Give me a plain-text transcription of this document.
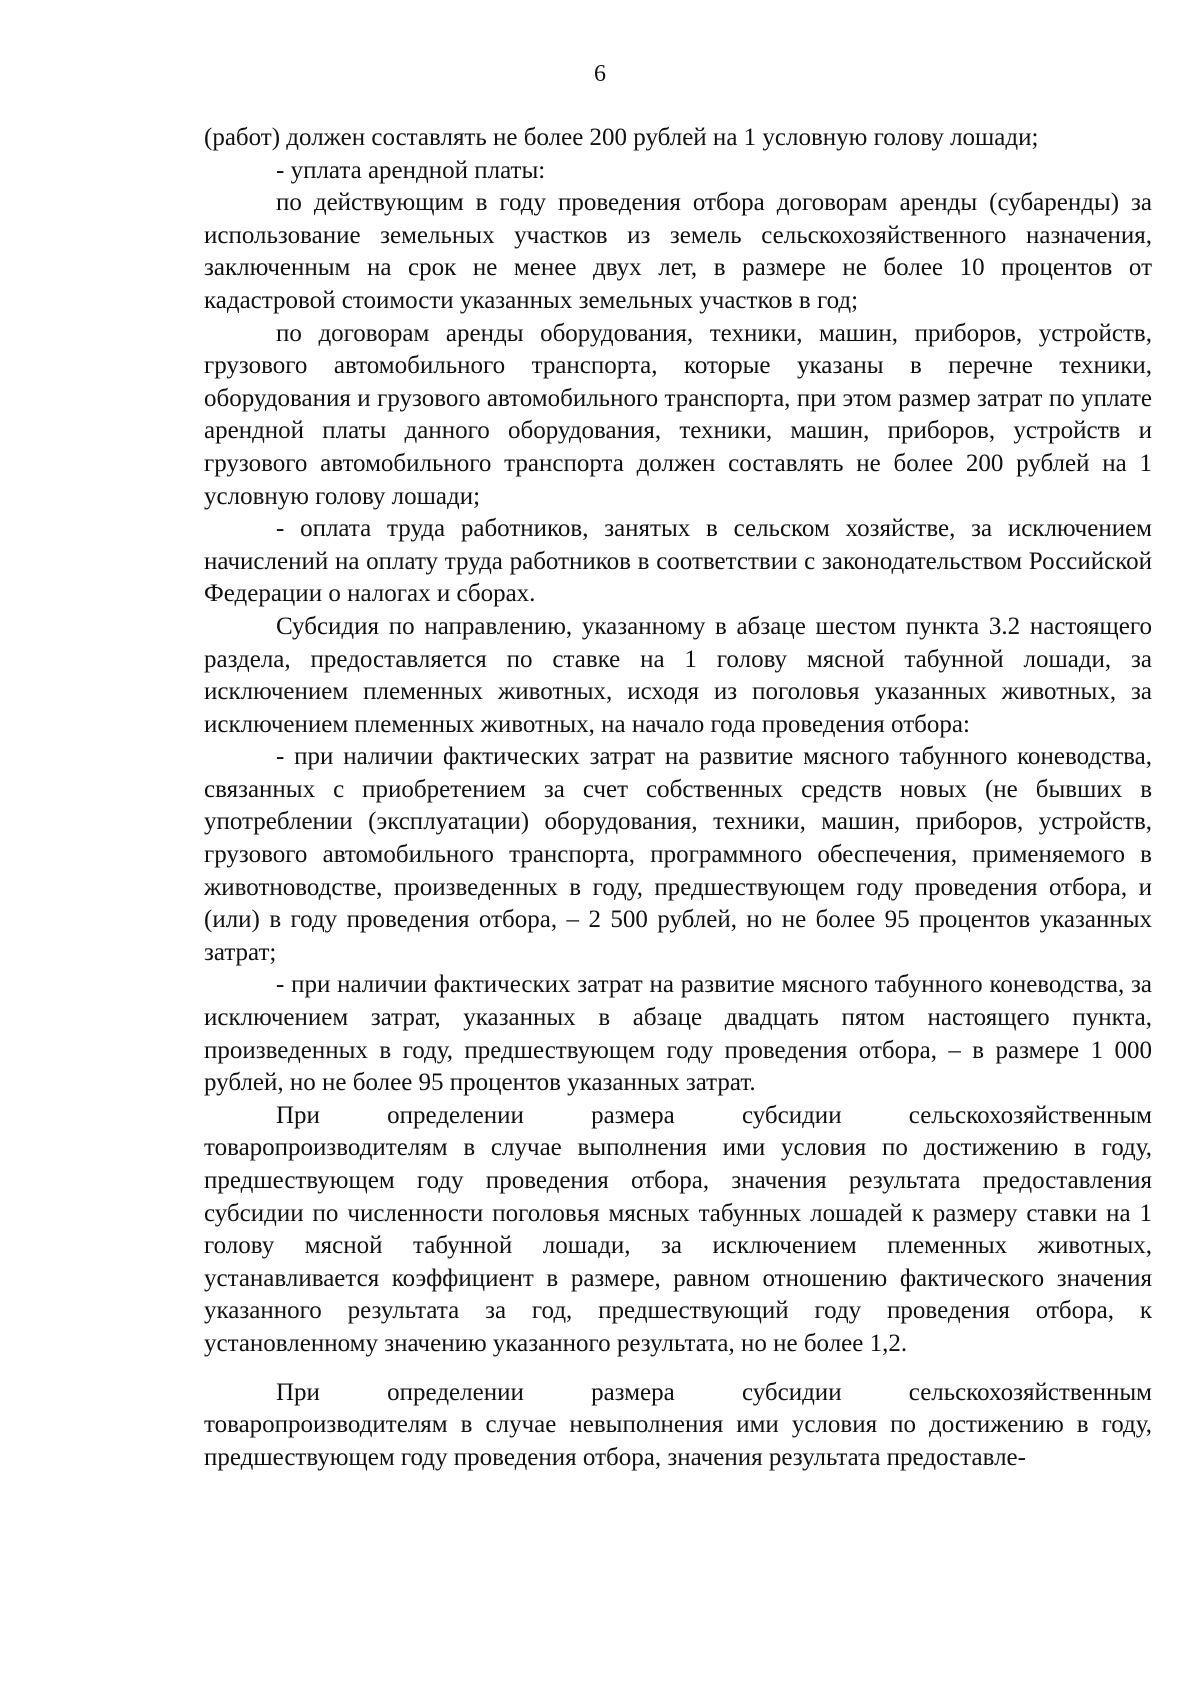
6

(работ) должен составлять не более 200 рублей на 1 условную голову лошади;

- уплата арендной платы:

по действующим в году проведения отбора договорам аренды (субаренды) за использование земельных участков из земель сельскохозяйственного назначения, заключенным на срок не менее двух лет, в размере не более 10 процентов от кадастровой стоимости указанных земельных участков в год;

по договорам аренды оборудования, техники, машин, приборов, устройств, грузового автомобильного транспорта, которые указаны в перечне техники, оборудования и грузового автомобильного транспорта, при этом размер затрат по уплате арендной платы данного оборудования, техники, машин, приборов, устройств и грузового автомобильного транспорта должен составлять не более 200 рублей на 1 условную голову лошади;

- оплата труда работников, занятых в сельском хозяйстве, за исключением начислений на оплату труда работников в соответствии с законодательством Российской Федерации о налогах и сборах.

Субсидия по направлению, указанному в абзаце шестом пункта 3.2 настоящего раздела, предоставляется по ставке на 1 голову мясной табунной лошади, за исключением племенных животных, исходя из поголовья указанных животных, за исключением племенных животных, на начало года проведения отбора:

- при наличии фактических затрат на развитие мясного табунного коневодства, связанных с приобретением за счет собственных средств новых (не бывших в употреблении (эксплуатации) оборудования, техники, машин, приборов, устройств, грузового автомобильного транспорта, программного обеспечения, применяемого в животноводстве, произведенных в году, предшествующем году проведения отбора, и (или) в году проведения отбора, – 2 500 рублей, но не более 95 процентов указанных затрат;

- при наличии фактических затрат на развитие мясного табунного коневодства, за исключением затрат, указанных в абзаце двадцать пятом настоящего пункта, произведенных в году, предшествующем году проведения отбора, – в размере 1 000 рублей, но не более 95 процентов указанных затрат.

При определении размера субсидии сельскохозяйственным товаропроизводителям в случае выполнения ими условия по достижению в году, предшествующем году проведения отбора, значения результата предоставления субсидии по численности поголовья мясных табунных лошадей к размеру ставки на 1 голову мясной табунной лошади, за исключением племенных животных, устанавливается коэффициент в размере, равном отношению фактического значения указанного результата за год, предшествующий году проведения отбора, к установленному значению указанного результата, но не более 1,2.

При определении размера субсидии сельскохозяйственным товаропроизводителям в случае невыполнения ими условия по достижению в году, предшествующем году проведения отбора, значения результата предоставле-
